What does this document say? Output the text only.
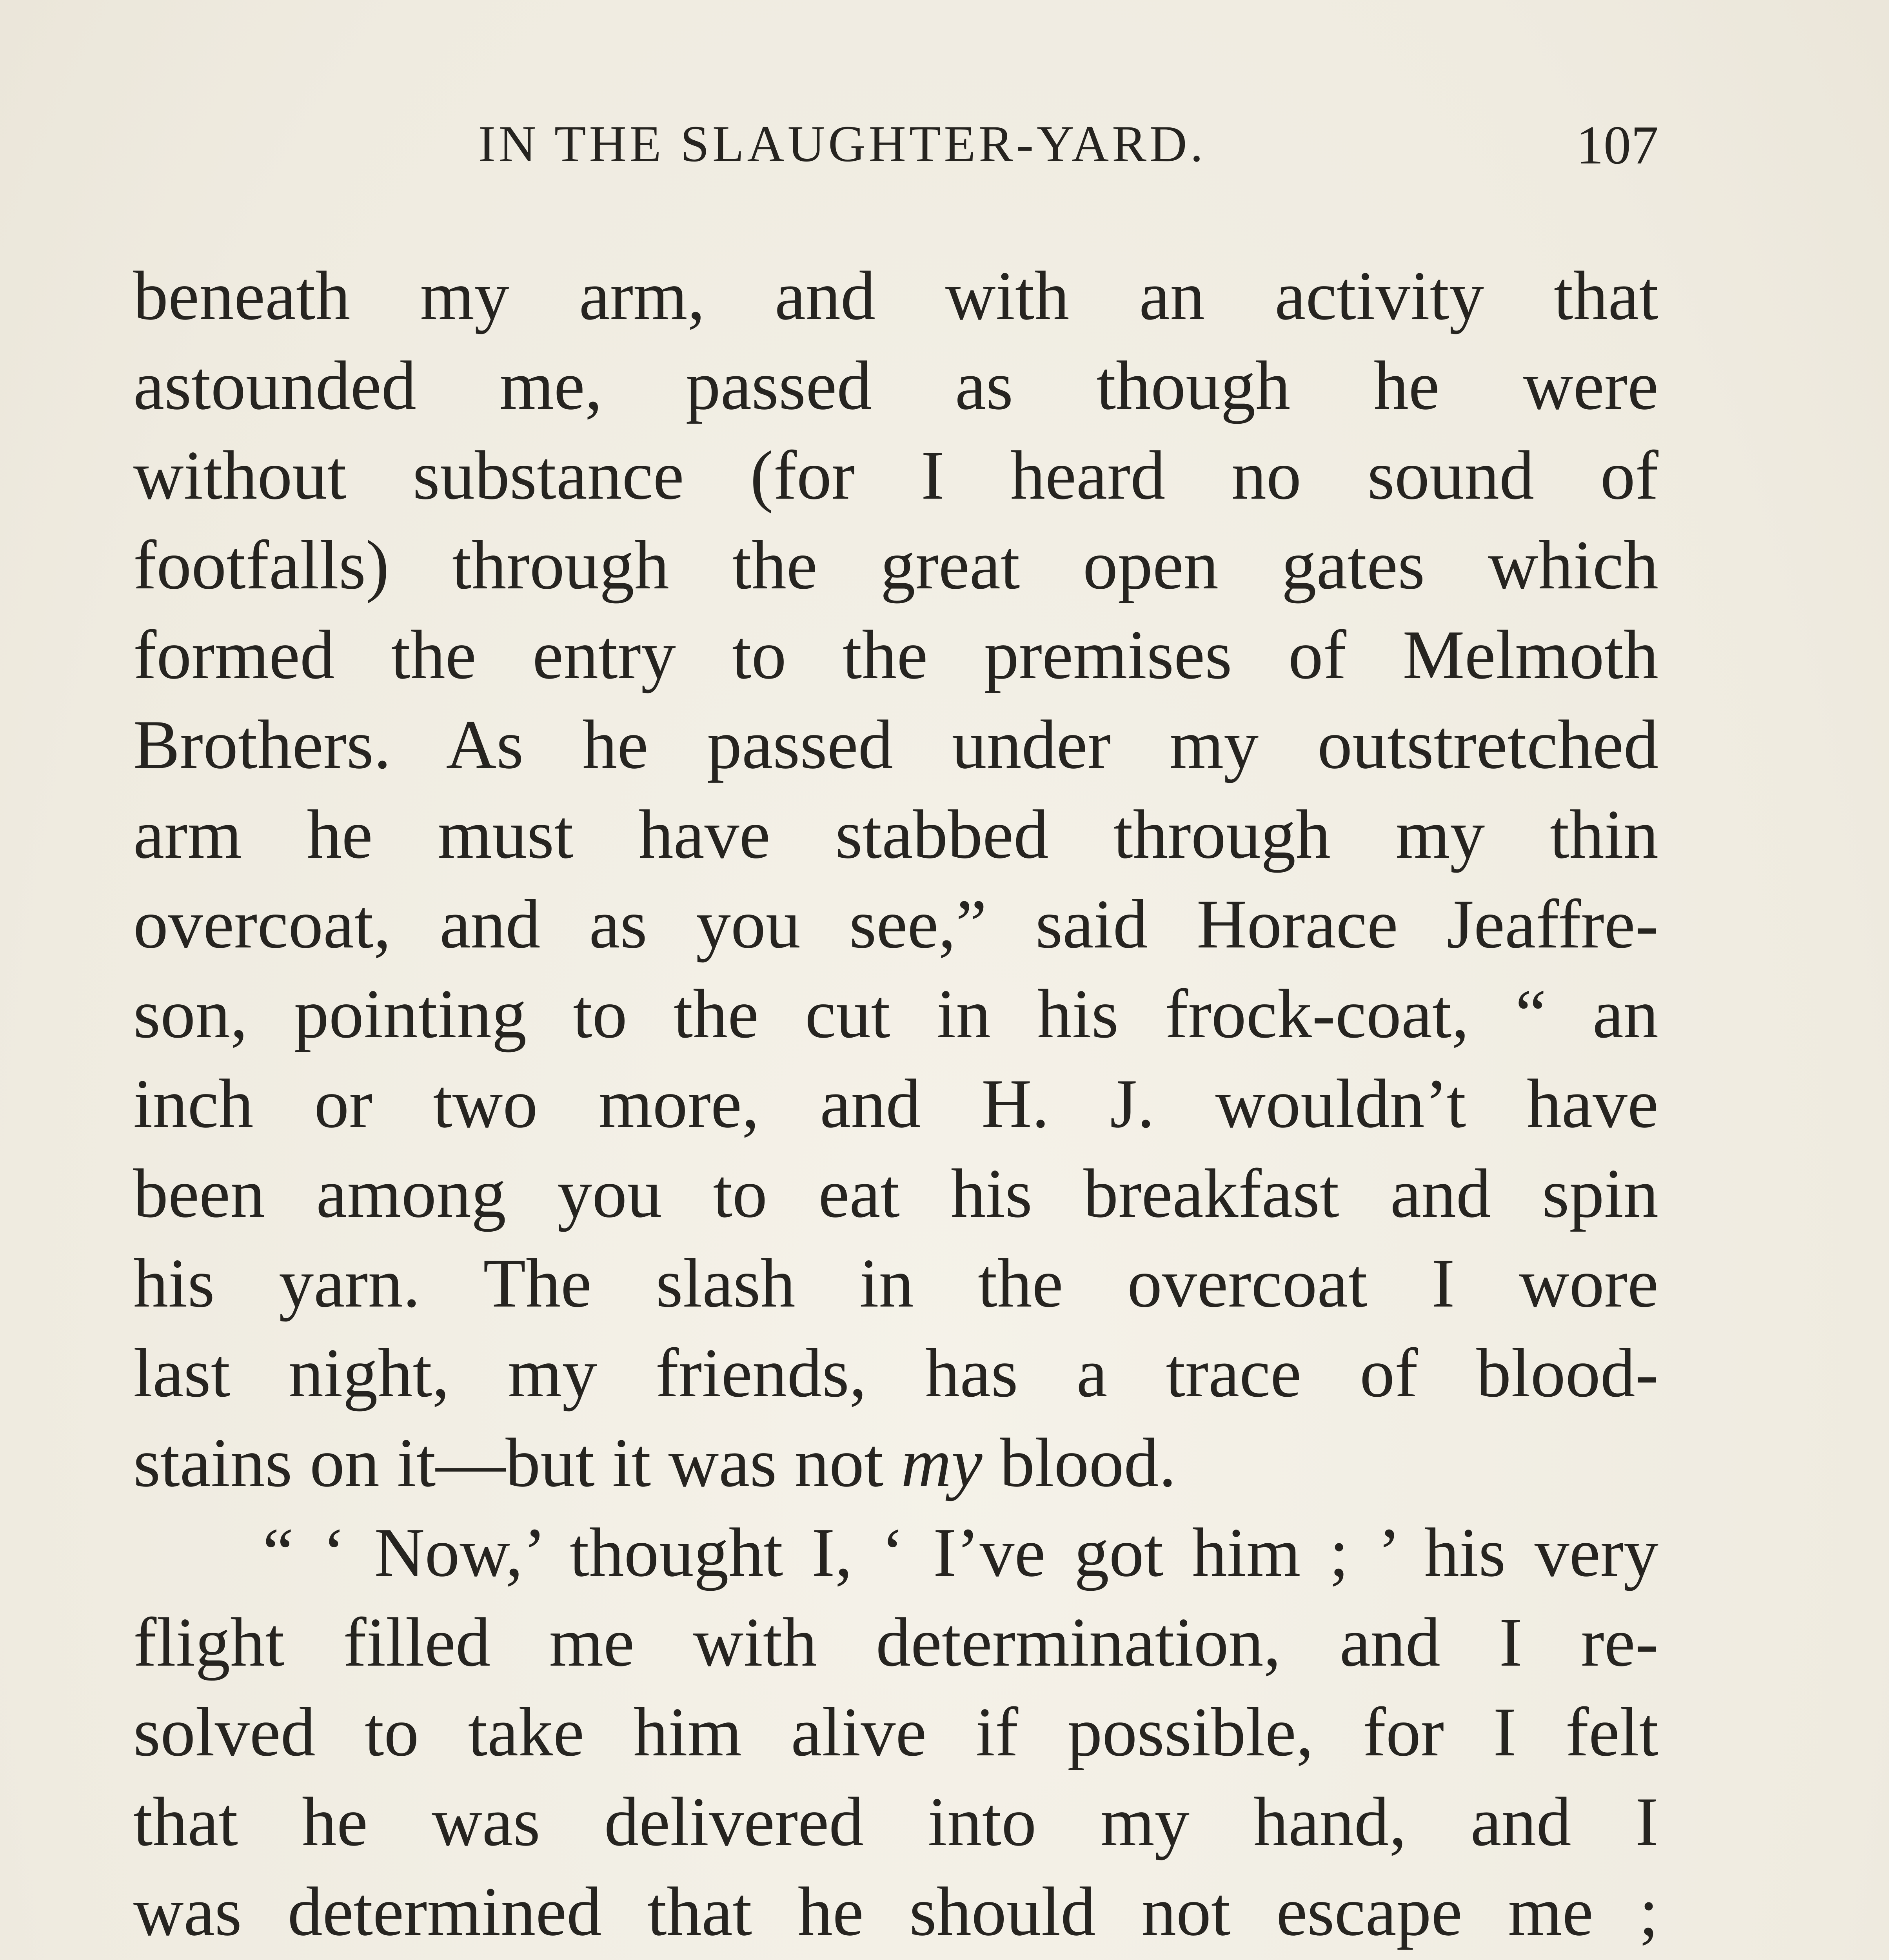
IN THE SLAUGHTER-YARD.	107
beneath my arm, and with an activity that
astounded me, passed as though he were
without substance (for I heard no sound of
footfalls) through the great open gates which
formed the entry to the premises of Melmoth
Brothers. As he passed under my outstretched
arm he must have stabbed through my thin
overcoat, and as you see,” said Horace Jeaffre-
son, pointing to the cut in his frock-coat, “ an
inch or two more, and H. J. wouldn’t have
been among you to eat his breakfast and spin
his yarn. The slash in the overcoat I wore
last night, my friends, has a trace of blood-
stains on it—but it was not my blood.
“ ‘ Now,’ thought I, ‘ I’ve got him ; ’ his very
flight filled me with determination, and I re-
solved to take him alive if possible, for I felt
that he was delivered into my hand, and I
was determined that he should not escape me ;
